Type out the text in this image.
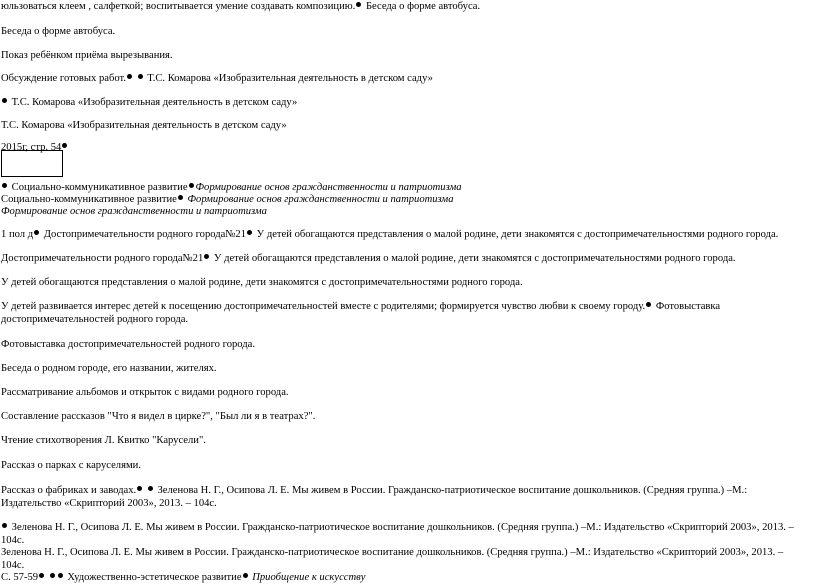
юльзоваться клеем , салфеткой; воспитывается умение создавать композицию. Беседа о форме автобуса.

Беседа о форме автобуса.

Показ ребёнком приёма вырезывания.

Обсуждение готовых работ.  Т.С. Комарова «Изобразительная деятельность в детском саду»

Т.С. Комарова «Изобразительная деятельность в детском саду»

Т.С. Комарова «Изобразительная деятельность в детском саду»

2015г, стр. 54

Социально-коммуникативное развитие Формирование основ гражданственности и патриотизма

Социально-коммуникативное развитие Формирование основ гражданственности и патриотизма

Формирование основ гражданственности и патриотизма

1 пол д Достопримечательности родного города№21 У детей обогащаются представления о малой родине, дети знакомятся с достопримечательностями родного города.

Достопримечательности родного города№21 У детей обогащаются представления о малой родине, дети знакомятся с достопримечательностями родного города.

У детей обогащаются представления о малой родине, дети знакомятся с достопримечательностями родного города.

У детей развивается интерес детей к посещению достопримечательностей вместе с родителями; формируется чувство любви к своему городу. Фотовыставка достопримечательностей родного города.

Фотовыставка достопримечательностей родного города.

Беседа о родном городе, его названии, жителях.

Рассматривание альбомов и открыток с видами родного города.

Составление рассказов "Что я видел в цирке?", "Был ли я в театрах?".

Чтение стихотворения Л. Квитко "Карусели".

Рассказ о парках с каруселями.

Рассказ о фабриках и заводах.  Зеленова Н. Г., Осипова Л. Е. Мы живем в России. Гражданско-патриотическое воспитание дошкольников. (Средняя группа.) –М.: Издательство «Скрипторий 2003», 2013. – 104с.

Зеленова Н. Г., Осипова Л. Е. Мы живем в России. Гражданско-патриотическое воспитание дошкольников. (Средняя группа.) –М.: Издательство «Скрипторий 2003», 2013. – 104с.

Зеленова Н. Г., Осипова Л. Е. Мы живем в России. Гражданско-патриотическое воспитание дошкольников. (Средняя группа.) –М.: Издательство «Скрипторий 2003», 2013. – 104с.

С. 57-59	Художественно-эстетическое развитие Приобщение к искусству
